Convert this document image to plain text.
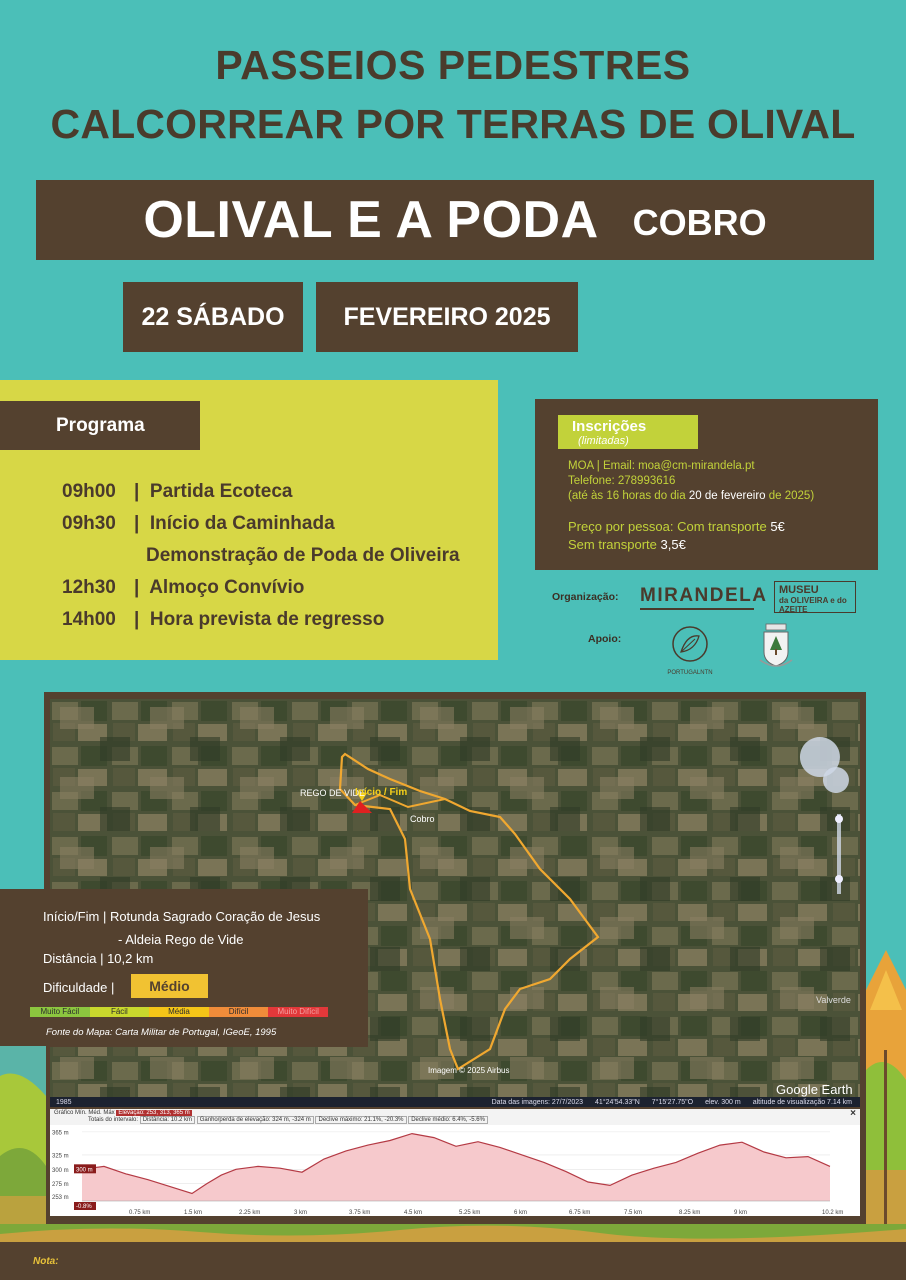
PASSEIOS PEDESTRES
CALCORREAR POR TERRAS DE OLIVAL
OLIVAL E A PODA COBRO
22 SÁBADO	FEVEREIRO 2025
Programa
09h00 | Partida Ecoteca
09h30 | Início da Caminhada
Demonstração de Poda de Oliveira
12h30 | Almoço Convívio
14h00 | Hora prevista de regresso
Inscrições
(limitadas)
MOA | Email: moa@cm-mirandela.pt
Telefone: 278993616
(até às 16 horas do dia 20 de fevereiro de 2025)
Preço por pessoa: Com transporte 5€
Sem transporte 3,5€
Organização: MIRANDELA MUSEU
da OLIVEIRA e do AZEITE
Apoio:
PORTUGALNTN
REGO DE VIDE
Início / Fim
Cobro
Valverde
Imagem © 2025 Airbus
Google Earth
1985	Data das imagens: 27/7/2023 41°24'54.33"N 7°15'27.75"O elev. 300 m altitude de visualização 7.14 km
Gráfico Mín. Méd. Máx Elevação: 253, 313, 365 m
Totais do intervalo: Distância: 10.2 km Ganho/perda de elevação: 324 m, -324 m Declive máximo: 21.1%, -20.3% Declive médio: 6.4%, -5.6%
×
365 m
325 m
300 m
275 m
253 m
300 m
-0.8%
0.75 km	1.5 km	2.25 km	3 km	3.75 km	4.5 km	5.25 km	6 km	6.75 km	7.5 km	8.25 km	9 km	10.2 km
Início/Fim | Rotunda Sagrado Coração de Jesus
- Aldeia Rego de Vide
Distância | 10,2 km
Dificuldade |	Médio
Muito Fácil	Fácil	Média	Difícil	Muito Difícil
Fonte do Mapa: Carta Militar de Portugal, IGeoE, 1995
Nota:
